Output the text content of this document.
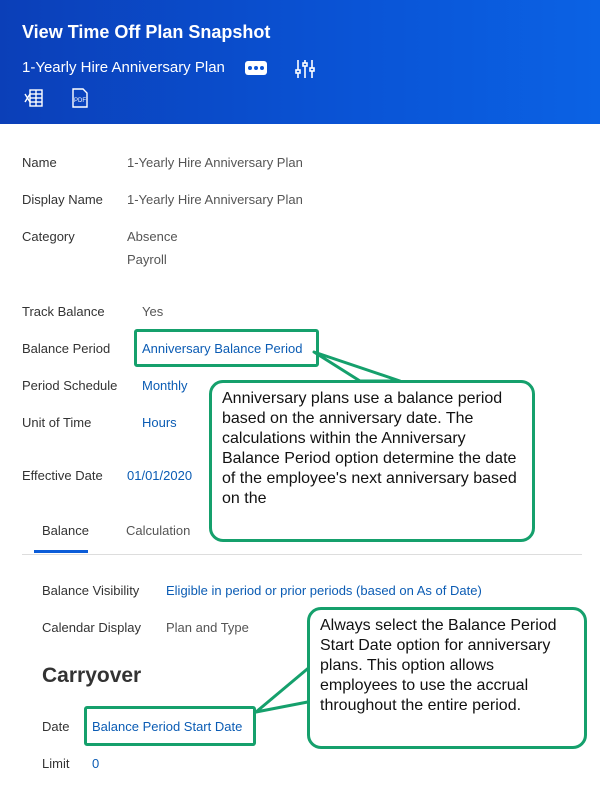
View Time Off Plan Snapshot
1-Yearly Hire Anniversary Plan
PDF
Name	1-Yearly Hire Anniversary Plan
Display Name 1-Yearly Hire Anniversary Plan
Category	Absence
Payroll
Track Balance	Yes
Balance Period Anniversary Balance Period
Period Schedule Monthly
Unit of Time	Hours
Effective Date 01/01/2020
Balance	Calculation
Balance Visibility Eligible in period or prior periods (based on As of Date)
Calendar Display Plan and Type
Carryover
Date Balance Period Start Date
Limit 0
Anniversary plans use a balance period based on the anniversary date. The calculations within the Anniversary Balance Period option determine the date of the employee's next anniversary based on the
Always select the Balance Period Start Date option for anniversary plans. This option allows employees to use the accrual throughout the entire period.
